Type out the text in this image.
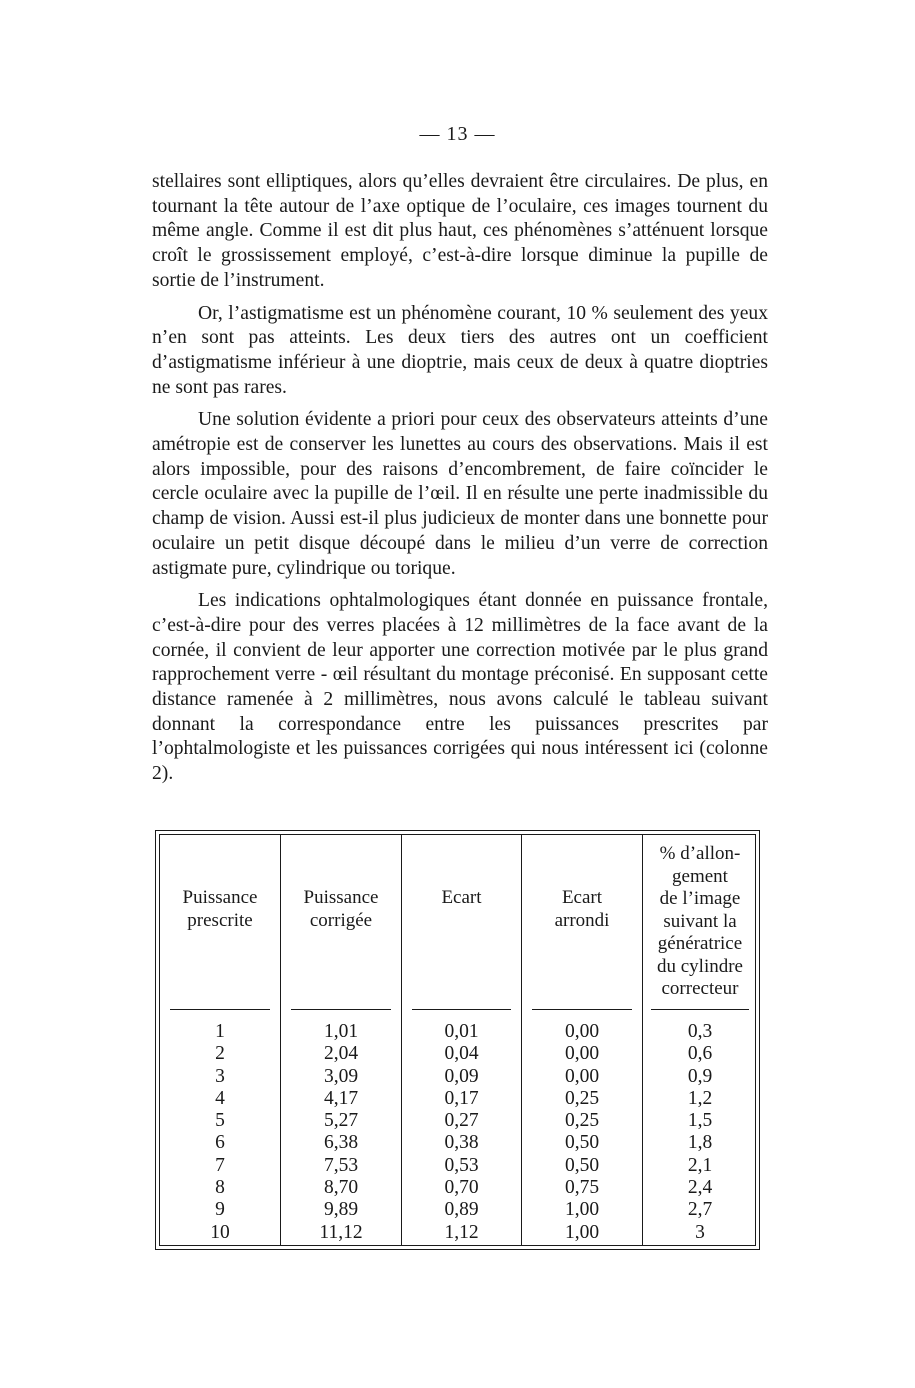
— 13 —

stellaires sont elliptiques, alors qu’elles devraient être circulaires. De plus, en tournant la tête autour de l’axe optique de l’oculaire, ces images tournent du même angle. Comme il est dit plus haut, ces phénomènes s’atténuent lorsque croît le grossissement employé, c’est-à-dire lorsque diminue la pupille de sortie de l’instrument.

Or, l’astigmatisme est un phénomène courant, 10 % seulement des yeux n’en sont pas atteints. Les deux tiers des autres ont un coefficient d’astigmatisme inférieur à une dioptrie, mais ceux de deux à quatre dioptries ne sont pas rares.

Une solution évidente a priori pour ceux des observateurs atteints d’une amétropie est de conserver les lunettes au cours des observations. Mais il est alors impossible, pour des raisons d’encombrement, de faire coïncider le cercle oculaire avec la pupille de l’œil. Il en résulte une perte inadmissible du champ de vision. Aussi est-il plus judicieux de monter dans une bonnette pour oculaire un petit disque découpé dans le milieu d’un verre de correction astigmate pure, cylindrique ou torique.

Les indications ophtalmologiques étant donnée en puissance frontale, c’est-à-dire pour des verres placées à 12 millimètres de la face avant de la cornée, il convient de leur apporter une correction motivée par le plus grand rapprochement verre - œil résultant du montage préconisé. En supposant cette distance ramenée à 2 millimètres, nous avons calculé le tableau suivant donnant la correspondance entre les puissances prescrites par l’ophtalmologiste et les puissances corrigées qui nous intéressent ici (colonne 2).

Puissance
prescrite
1
2
3
4
5
6
7
8
9
10
Puissance
corrigée
1,01
2,04
3,09
4,17
5,27
6,38
7,53
8,70
9,89
11,12
Ecart
0,01
0,04
0,09
0,17
0,27
0,38
0,53
0,70
0,89
1,12
Ecart
arrondi
0,00
0,00
0,00
0,25
0,25
0,50
0,50
0,75
1,00
1,00
% d’allon-
gement
de l’image
suivant la
génératrice
du cylindre
correcteur
0,3
0,6
0,9
1,2
1,5
1,8
2,1
2,4
2,7
3
